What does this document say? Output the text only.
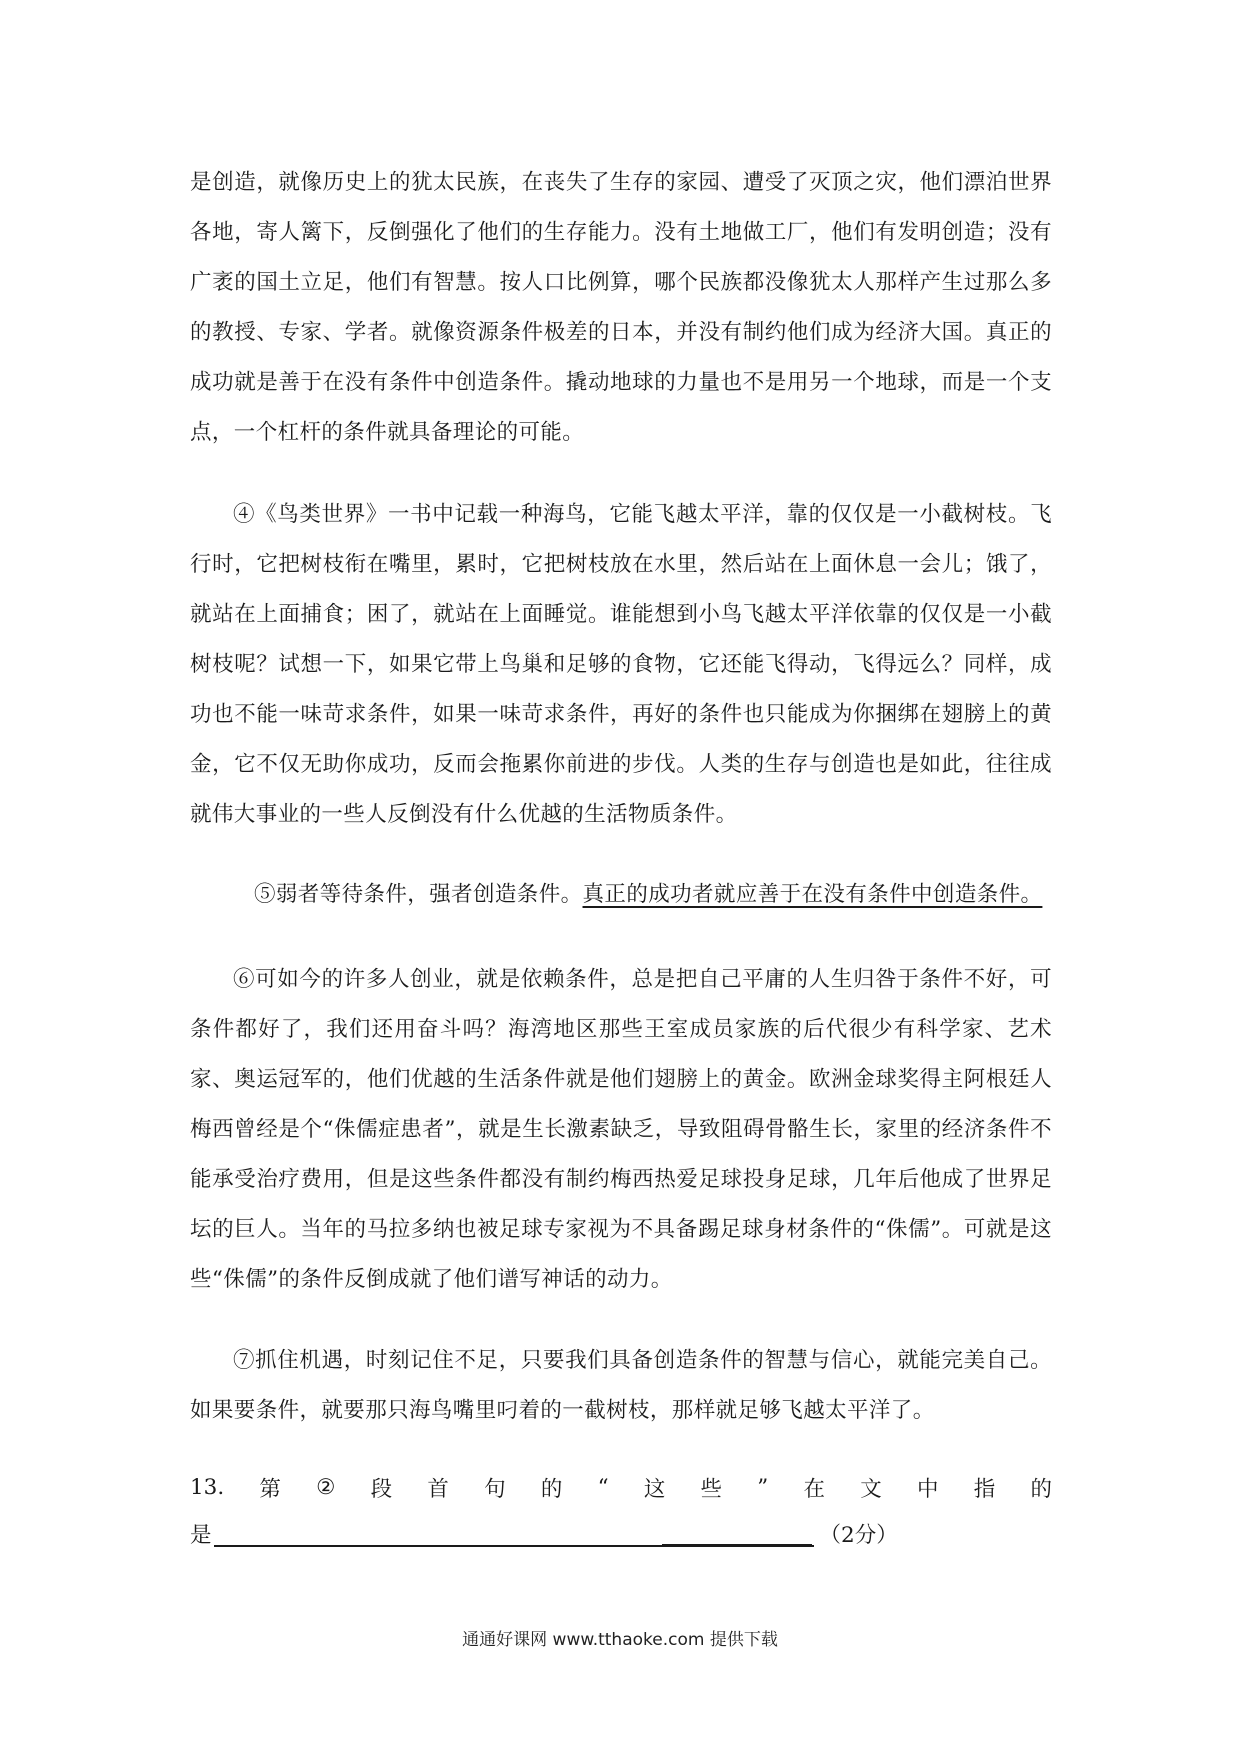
是创造，就像历史上的犹太民族，在丧失了生存的家园、遭受了灭顶之灾，他们漂泊世界各地，寄人篱下，反倒强化了他们的生存能力。没有土地做工厂，他们有发明创造；没有广袤的国土立足，他们有智慧。按人口比例算，哪个民族都没像犹太人那样产生过那么多的教授、专家、学者。就像资源条件极差的日本，并没有制约他们成为经济大国。真正的成功就是善于在没有条件中创造条件。撬动地球的力量也不是用另一个地球，而是一个支点，一个杠杆的条件就具备理论的可能。
④《鸟类世界》一书中记载一种海鸟，它能飞越太平洋，靠的仅仅是一小截树枝。飞行时，它把树枝衔在嘴里，累时，它把树枝放在水里，然后站在上面休息一会儿；饿了，就站在上面捕食；困了，就站在上面睡觉。谁能想到小鸟飞越太平洋依靠的仅仅是一小截树枝呢？试想一下，如果它带上鸟巢和足够的食物，它还能飞得动，飞得远么？同样，成功也不能一味苛求条件，如果一味苛求条件，再好的条件也只能成为你捆绑在翅膀上的黄金，它不仅无助你成功，反而会拖累你前进的步伐。人类的生存与创造也是如此，往往成就伟大事业的一些人反倒没有什么优越的生活物质条件。
⑤弱者等待条件，强者创造条件。真正的成功者就应善于在没有条件中创造条件。
⑥可如今的许多人创业，就是依赖条件，总是把自己平庸的人生归咎于条件不好，可条件都好了，我们还用奋斗吗？海湾地区那些王室成员家族的后代很少有科学家、艺术家、奥运冠军的，他们优越的生活条件就是他们翅膀上的黄金。欧洲金球奖得主阿根廷人梅西曾经是个“侏儒症患者”，就是生长激素缺乏，导致阻碍骨骼生长，家里的经济条件不能承受治疗费用，但是这些条件都没有制约梅西热爱足球投身足球，几年后他成了世界足坛的巨人。当年的马拉多纳也被足球专家视为不具备踢足球身材条件的“侏儒”。可就是这些“侏儒”的条件反倒成就了他们谱写神话的动力。
⑦抓住机遇，时刻记住不足，只要我们具备创造条件的智慧与信心，就能完美自己。如果要条件，就要那只海鸟嘴里叼着的一截树枝，那样就足够飞越太平洋了。
13. 第 ② 段 首 句 的 “ 这 些 ” 在 文 中 指 的
是	（2分）
通通好课网 www.tthaoke.com 提供下载
